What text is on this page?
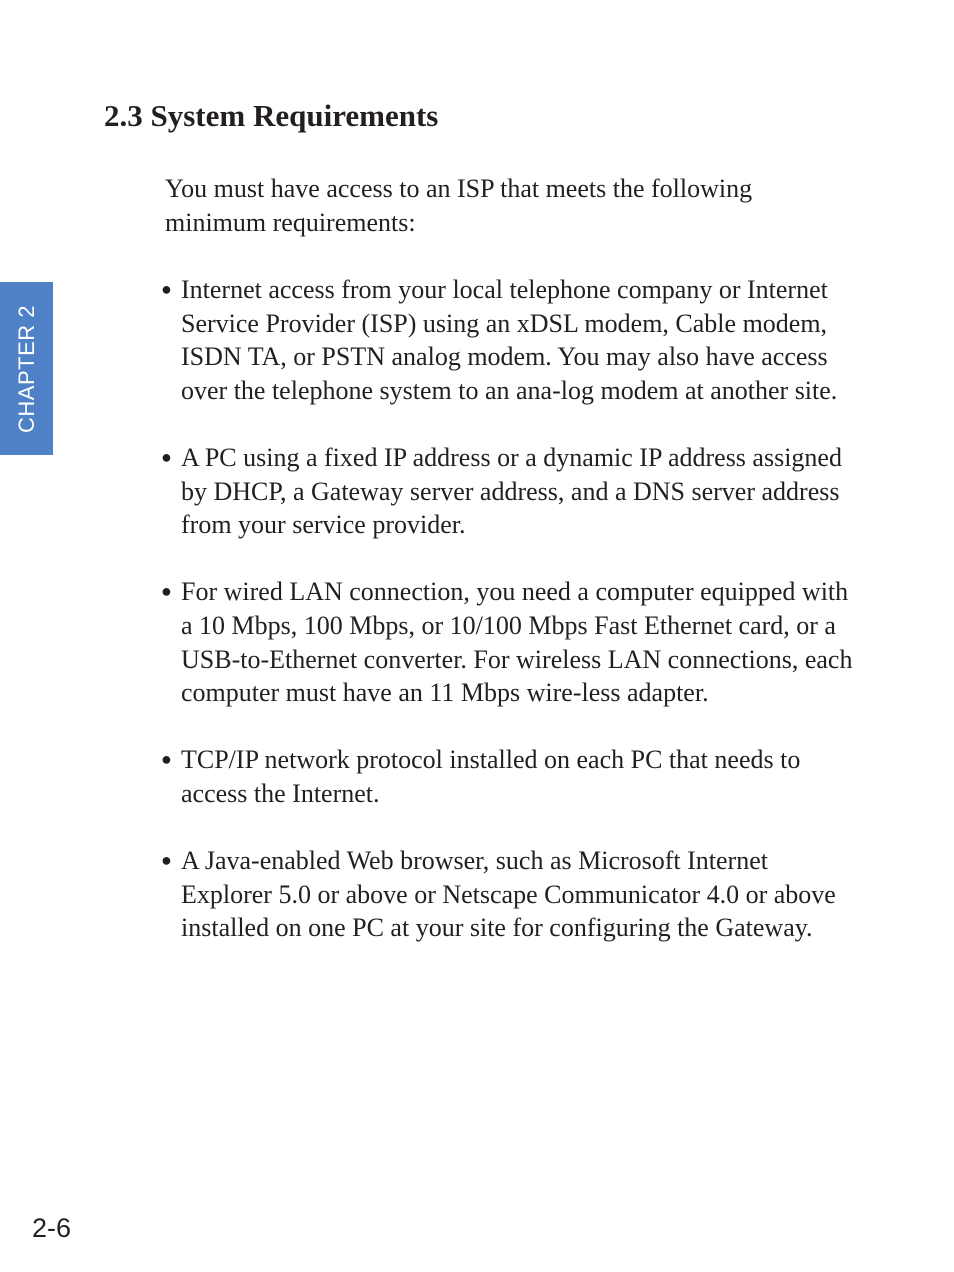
CHAPTER 2
2.3 System Requirements

You must have access to an ISP that meets the following minimum requirements:

● Internet access from your local telephone company or Internet Service Provider (ISP) using an xDSL modem, Cable modem, ISDN TA, or PSTN analog modem. You may also have access over the telephone system to an ana-log modem at another site.
● A PC using a fixed IP address or a dynamic IP address assigned by DHCP, a Gateway server address, and a DNS server address from your service provider.
● For wired LAN connection, you need a computer equipped with a 10 Mbps, 100 Mbps, or 10/100 Mbps Fast Ethernet card, or a USB-to-Ethernet converter. For wireless LAN connections, each computer must have an 11 Mbps wire-less adapter.
● TCP/IP network protocol installed on each PC that needs to access the Internet.
● A Java-enabled Web browser, such as Microsoft Internet Explorer 5.0 or above or Netscape Communicator 4.0 or above installed on one PC at your site for configuring the Gateway.
2-6
